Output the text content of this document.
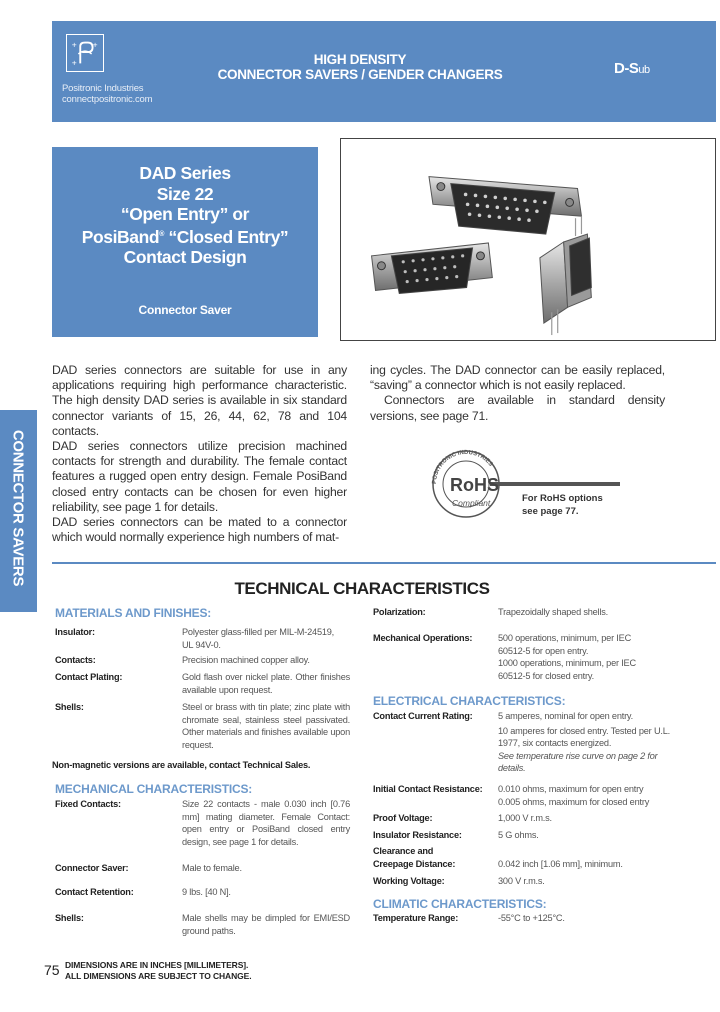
+ +
+
Positronic Industries
connectpositronic.com
HIGH DENSITY
CONNECTOR SAVERS / GENDER CHANGERS	D-Sub
DAD Series
Size 22
“Open Entry” or
PosiBand® “Closed Entry”
Contact Design
Connector Saver
CONNECTOR SAVERS

DAD series connectors are suitable for use in any applications requiring high performance characteristic. The high density DAD series is available in six standard connector variants of 15, 26, 44, 62, 78 and 104 contacts.

DAD series connectors utilize precision machined contacts for strength and durability. The female contact features a rugged open entry design. Female PosiBand closed entry contacts can be chosen for even higher reliability, see page 1 for details.

DAD series connectors can be mated to a connector which would normally experience high numbers of mat-

ing cycles. The DAD connector can be easily replaced, “saving” a connector which is not easily replaced.

Connectors are available in standard density versions, see page 71.

POSITRONIC INDUSTRIES
RoHS
Compliant	For RoHS options
see page 77.
TECHNICAL CHARACTERISTICS
MATERIALS AND FINISHES:
Insulator:	Polyester glass-filled per MIL-M-24519,
UL 94V-0.
Contacts:	Precision machined copper alloy.
Contact Plating:	Gold flash over nickel plate. Other finishes available upon request.
Shells:	Steel or brass with tin plate; zinc plate with chromate seal, stainless steel passivated. Other materials and finishes available upon request.
Non-magnetic versions are available, contact Technical Sales.
MECHANICAL CHARACTERISTICS:
Fixed Contacts:	Size 22 contacts - male 0.030 inch [0.76 mm] mating diameter. Female Contact: open entry or PosiBand closed entry design, see page 1 for details.
Connector Saver:	Male to female.
Contact Retention:	9 lbs. [40 N].
Shells:	Male shells may be dimpled for EMI/ESD ground paths.
Polarization:	Trapezoidally shaped shells.
Mechanical Operations:	500 operations, minimum, per IEC
60512-5 for open entry.
1000 operations, minimum, per IEC
60512-5 for closed entry.
ELECTRICAL CHARACTERISTICS:
Contact Current Rating:	5 amperes, nominal for open entry.
10 amperes for closed entry. Tested per U.L. 1977, six contacts energized.
See temperature rise curve on page 2 for details.
Initial Contact Resistance: 0.010 ohms, maximum for open entry
0.005 ohms, maximum for closed entry
Proof Voltage:	1,000 V r.m.s.
Insulator Resistance:	5 G ohms.
Clearance and
Creepage Distance:	0.042 inch [1.06 mm], minimum.
Working Voltage:	300 V r.m.s.
CLIMATIC CHARACTERISTICS:
Temperature Range:	-55°C to +125°C.
75 DIMENSIONS ARE IN INCHES [MILLIMETERS].
ALL DIMENSIONS ARE SUBJECT TO CHANGE.
